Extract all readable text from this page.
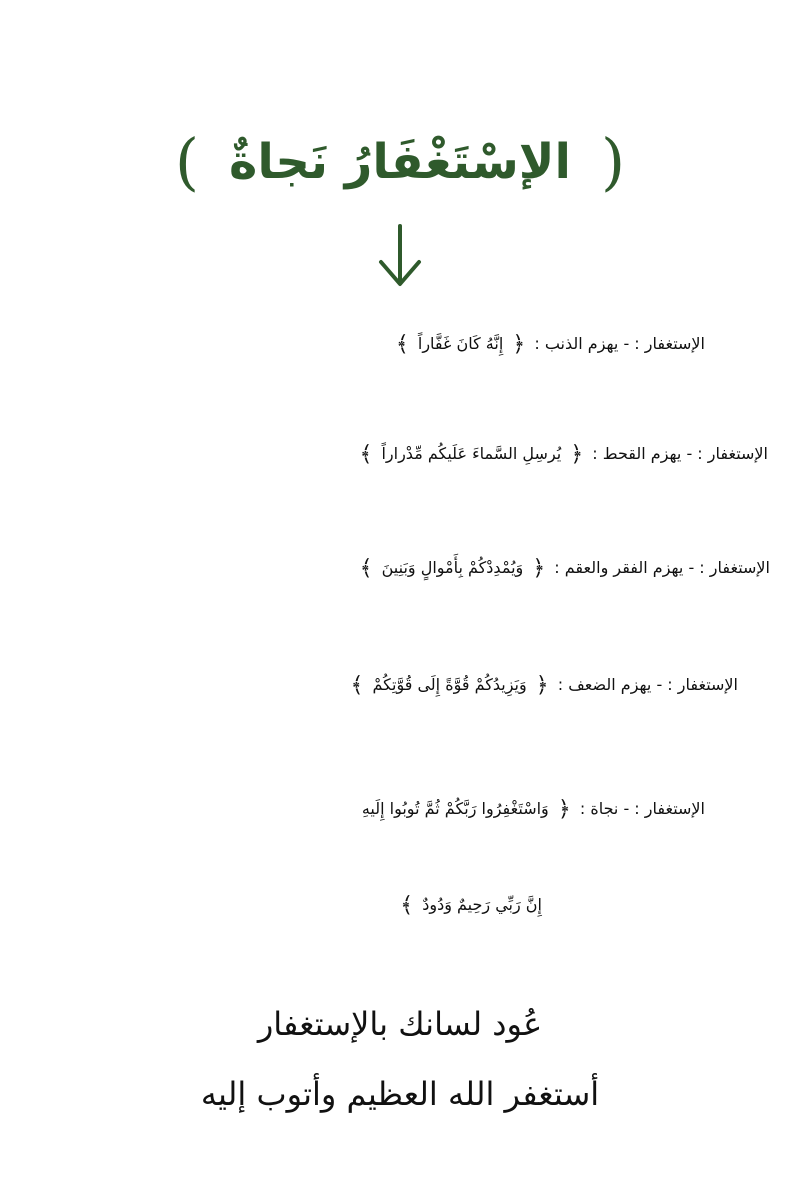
(
الإسْتَغْفَارُ نَجاةٌ
)
الإستغفار : - يهزم الذنب : ﴿ إِنَّهُ كَانَ غَفَّاراً ﴾
الإستغفار : - يهزم القحط : ﴿ يُرسِلِ السَّماءَ عَلَيكُم مِّدْراراً ﴾
الإستغفار : - يهزم الفقر والعقم : ﴿ وَيُمْدِدْكُمْ بِأَمْوالٍ وَبَنِينَ ﴾
الإستغفار : - يهزم الضعف : ﴿ وَيَزِيدُكُمْ قُوَّةً إِلَى قُوَّتِكُمْ ﴾
الإستغفار : - نجاة : ﴿ وَاسْتَغْفِرُوا رَبَّكُمْ ثُمَّ تُوبُوا إِلَيهِ
إِنَّ رَبِّي رَحِيمٌ وَدُودٌ ﴾
عُود لسانك بالإستغفار
أستغفر الله العظيم وأتوب إليه
